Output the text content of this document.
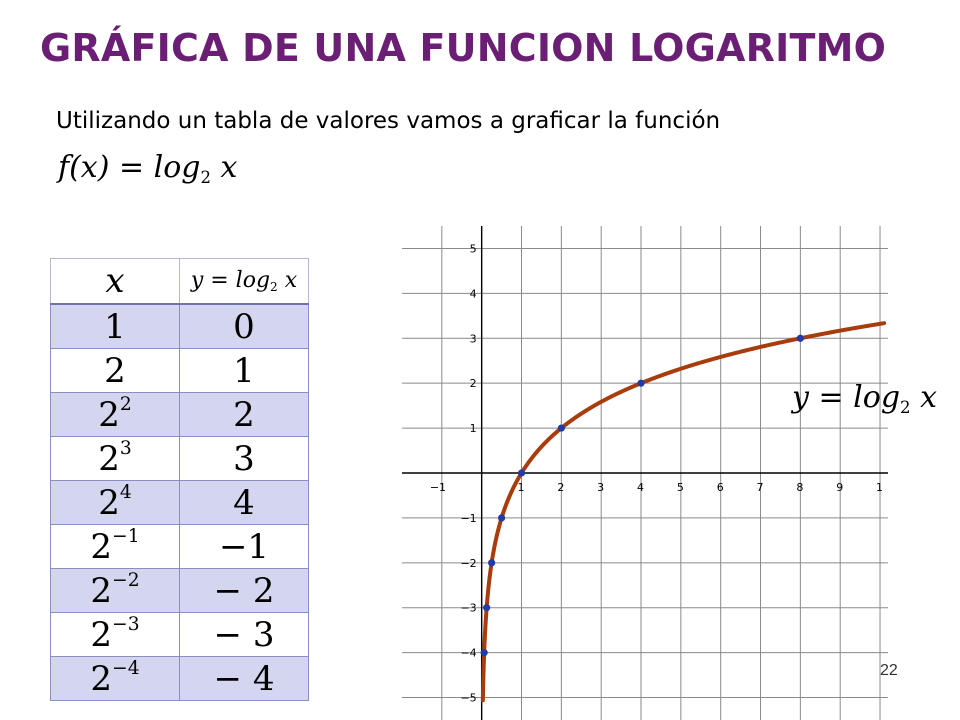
GRÁFICA DE UNA FUNCION LOGARITMO
Utilizando un tabla de valores vamos a graficar la función
$f(x) = \log_2 x$
x	$y = \log_2 x$
1	0
2	1
$2^2$	2
$2^3$	3
$2^4$	4
$2^{-1}$	−1
$2^{-2}$	− 2
$2^{-3}$	− 3
$2^{-4}$	− 4
−1	1	2	3	4	5	6	7	8	9	1
5
4
3
2
1
−1
−2
−3
−4
−5
$y = \log_2 x$
22
